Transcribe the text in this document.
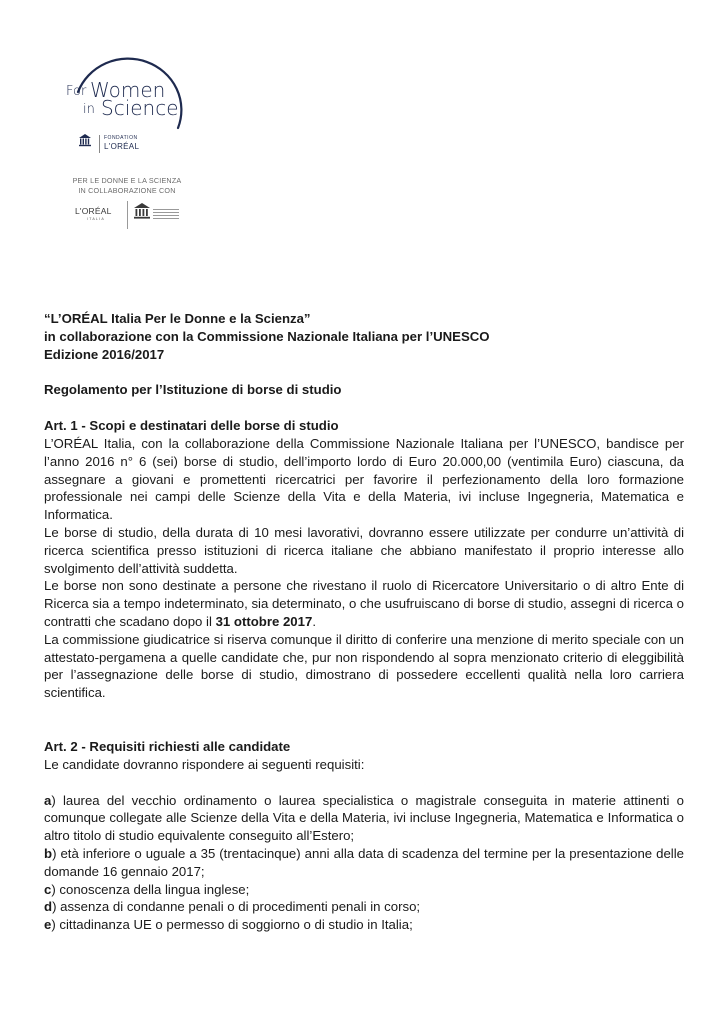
For Women
in Science
FONDATION
L'ORÉAL
PER LE DONNE E LA SCIENZA
IN COLLABORAZIONE CON
L'ORÉAL
ITALIA
“L’ORÉAL Italia Per le Donne e la Scienza”
in collaborazione con la Commissione Nazionale Italiana per l’UNESCO
Edizione 2016/2017
Regolamento per l’Istituzione di borse di studio
Art. 1 - Scopi e destinatari delle borse di studio

L’ORÉAL Italia, con la collaborazione della Commissione Nazionale Italiana per l’UNESCO, bandisce per l’anno 2016 n° 6 (sei) borse di studio, dell’importo lordo di Euro 20.000,00 (ventimila Euro) ciascuna, da assegnare a giovani e promettenti ricercatrici per favorire il perfezionamento della loro formazione professionale nei campi delle Scienze della Vita e della Materia, ivi incluse Ingegneria, Matematica e Informatica.

Le borse di studio, della durata di 10 mesi lavorativi, dovranno essere utilizzate per condurre un’attività di ricerca scientifica presso istituzioni di ricerca italiane che abbiano manifestato il proprio interesse allo svolgimento dell’attività suddetta.

Le borse non sono destinate a persone che rivestano il ruolo di Ricercatore Universitario o di altro Ente di Ricerca sia a tempo indeterminato, sia determinato, o che usufruiscano di borse di studio, assegni di ricerca o contratti che scadano dopo il 31 ottobre 2017.

La commissione giudicatrice si riserva comunque il diritto di conferire una menzione di merito speciale con un attestato-pergamena a quelle candidate che, pur non rispondendo al sopra menzionato criterio di eleggibilità per l’assegnazione delle borse di studio, dimostrano di possedere eccellenti qualità nella loro carriera scientifica.

Art. 2 - Requisiti richiesti alle candidate

Le candidate dovranno rispondere ai seguenti requisiti:

a) laurea del vecchio ordinamento o laurea specialistica o magistrale conseguita in materie attinenti o comunque collegate alle Scienze della Vita e della Materia, ivi incluse Ingegneria, Matematica e Informatica o altro titolo di studio equivalente conseguito all’Estero;

b) età inferiore o uguale a 35 (trentacinque) anni alla data di scadenza del termine per la presentazione delle domande 16 gennaio 2017;

c) conoscenza della lingua inglese;

d) assenza di condanne penali o di procedimenti penali in corso;

e) cittadinanza UE o permesso di soggiorno o di studio in Italia;
